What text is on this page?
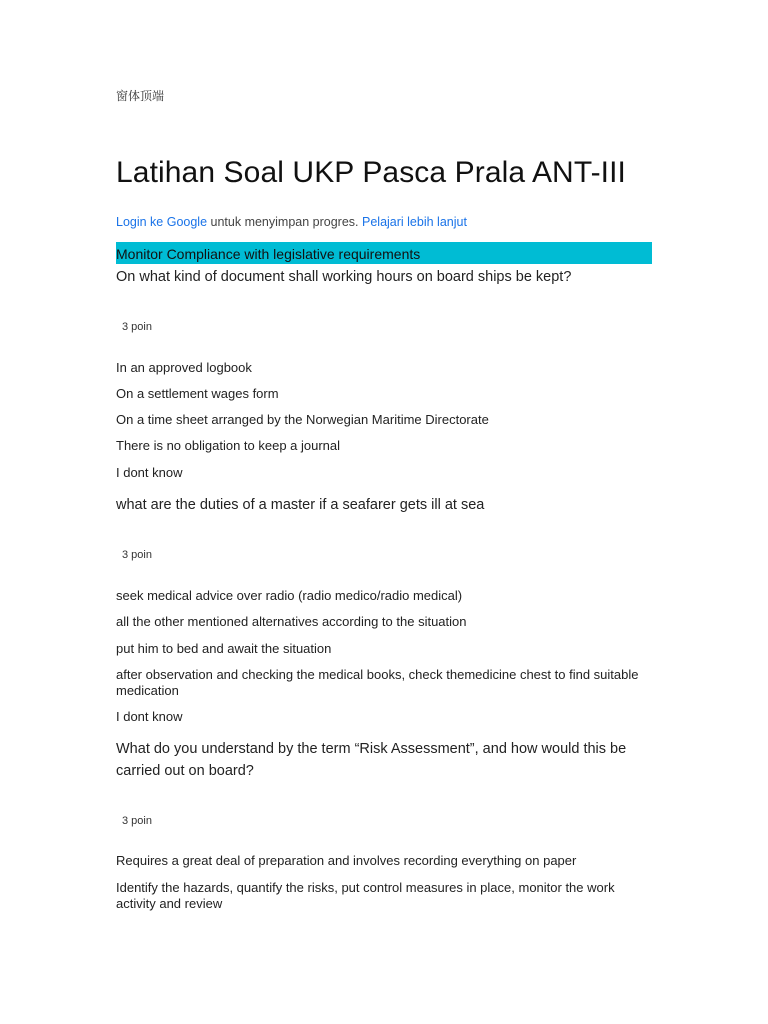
窗体顶端
Latihan Soal UKP Pasca Prala ANT-III
Login ke Google untuk menyimpan progres. Pelajari lebih lanjut
Monitor Compliance with legislative requirements
On what kind of document shall working hours on board ships be kept?
3 poin
In an approved logbook
On a settlement wages form
On a time sheet arranged by the Norwegian Maritime Directorate
There is no obligation to keep a journal
I dont know
what are the duties of a master if a seafarer gets ill at sea
3 poin
seek medical advice over radio (radio medico/radio medical)
all the other mentioned alternatives according to the situation
put him to bed and await the situation
after observation and checking the medical books, check themedicine chest to find suitable medication
I dont know
What do you understand by the term “Risk Assessment”, and how would this be carried out on board?
3 poin
Requires a great deal of preparation and involves recording everything on paper
Identify the hazards, quantify the risks, put control measures in place, monitor the work activity and review
